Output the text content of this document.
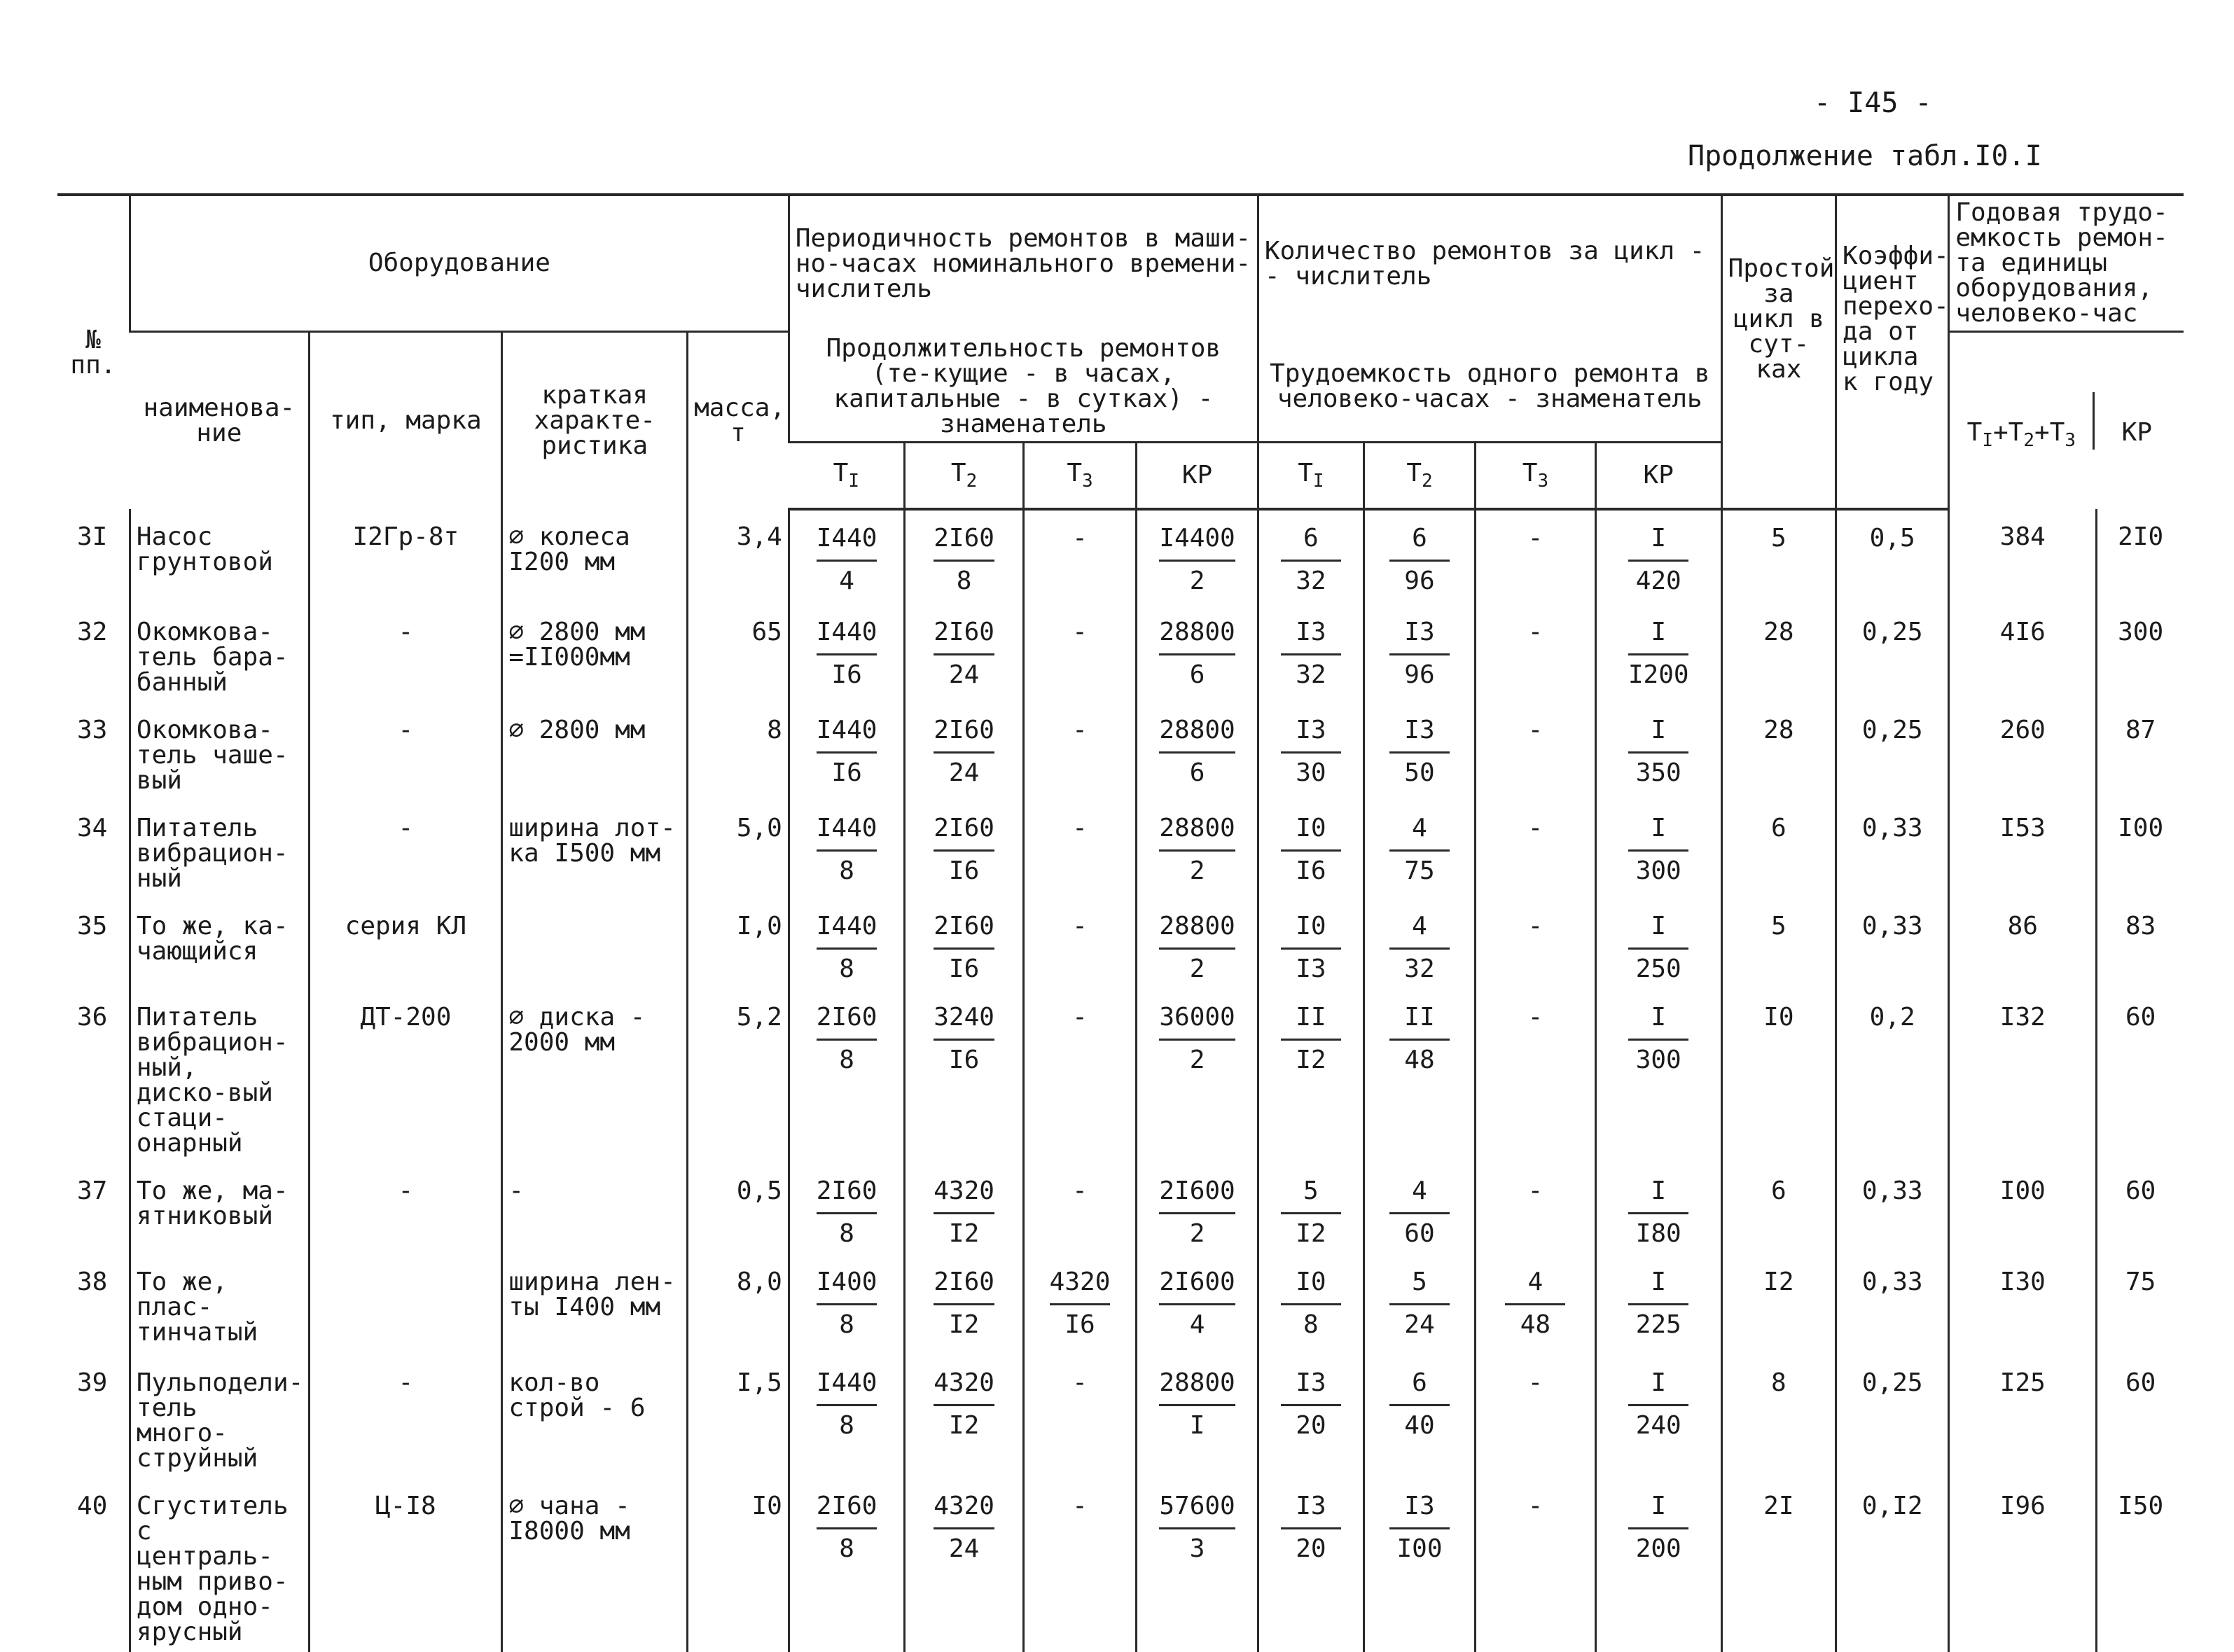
- I45 -
Продолжение табл.I0.I
№ пп.	Оборудование				Периодичность ремонтов в маши-но-часах номинального времени- числитель				Количество ремонтов за цикл - - числитель				Простой за цикл в сут-ках	Коэффи-циент перехо-да от цикла к году	Годовая трудо-емкость ремон-та единицы оборудования, человеко-час	
	наименова-ние	тип, марка	краткая характе-ристика	масса, т	Продолжительность ремонтов (те-кущие - в часах, капитальные - в сутках) - знаменатель				Трудоемкость одного ремонта в человеко-часах - знаменатель						$T_I+T_2+T_3$ КР	

					$T_I$	$T_2$	$T_3$	КР	$T_I$	$T_2$	$T_3$	КР				

3I	Насос грунтовой	I2Гр-8т	⌀ колеса I200 мм	3,4	$\frac{I440}{4}$	$\frac{2I60}{8}$	-	$\frac{I4400}{2}$	$\frac{6}{32}$	$\frac{6}{96}$	-	$\frac{I}{420}$	5	0,5	384	2I0

32	Окомкова-тель бара-банный	-	⌀ 2800 мм =II000мм	65	$\frac{I440}{I6}$	$\frac{2I60}{24}$	-	$\frac{28800}{6}$	$\frac{I3}{32}$	$\frac{I3}{96}$	-	$\frac{I}{I200}$	28	0,25	4I6	300

33	Окомкова-тель чаше-вый	-	⌀ 2800 мм	8	$\frac{I440}{I6}$	$\frac{2I60}{24}$	-	$\frac{28800}{6}$	$\frac{I3}{30}$	$\frac{I3}{50}$	-	$\frac{I}{350}$	28	0,25	260	87

34	Питатель вибрацион-ный	-	ширина лот-ка I500 мм	5,0	$\frac{I440}{8}$	$\frac{2I60}{I6}$	-	$\frac{28800}{2}$	$\frac{I0}{I6}$	$\frac{4}{75}$	-	$\frac{I}{300}$	6	0,33	I53	I00

35	То же, ка-чающийся	серия КЛ		I,0	$\frac{I440}{8}$	$\frac{2I60}{I6}$	-	$\frac{28800}{2}$	$\frac{I0}{I3}$	$\frac{4}{32}$	-	$\frac{I}{250}$	5	0,33	86	83

36	Питатель вибрацион-ный, диско-вый стаци-онарный	ДТ-200	⌀ диска - 2000 мм	5,2	$\frac{2I60}{8}$	$\frac{3240}{I6}$	-	$\frac{36000}{2}$	$\frac{II}{I2}$	$\frac{II}{48}$	-	$\frac{I}{300}$	I0	0,2	I32	60

37	То же, ма-ятниковый	-	-	0,5	$\frac{2I60}{8}$	$\frac{4320}{I2}$	-	$\frac{2I600}{2}$	$\frac{5}{I2}$	$\frac{4}{60}$	-	$\frac{I}{I80}$	6	0,33	I00	60

38	То же, плас-тинчатый		ширина лен-ты I400 мм	8,0	$\frac{I400}{8}$	$\frac{2I60}{I2}$	$\frac{4320}{I6}$	$\frac{2I600}{4}$	$\frac{I0}{8}$	$\frac{5}{24}$	$\frac{4}{48}$	$\frac{I}{225}$	I2	0,33	I30	75

39	Пульподели-тель много-струйный	-	кол-во строй - 6	I,5	$\frac{I440}{8}$	$\frac{4320}{I2}$	-	$\frac{28800}{I}$	$\frac{I3}{20}$	$\frac{6}{40}$	-	$\frac{I}{240}$	8	0,25	I25	60

40	Сгуститель с централь-ным приво-дом одно-ярусный	Ц-I8	⌀ чана - I8000 мм	I0	$\frac{2I60}{8}$	$\frac{4320}{24}$	-	$\frac{57600}{3}$	$\frac{I3}{20}$	$\frac{I3}{I00}$	-	$\frac{I}{200}$	2I	0,I2	I96	I50
